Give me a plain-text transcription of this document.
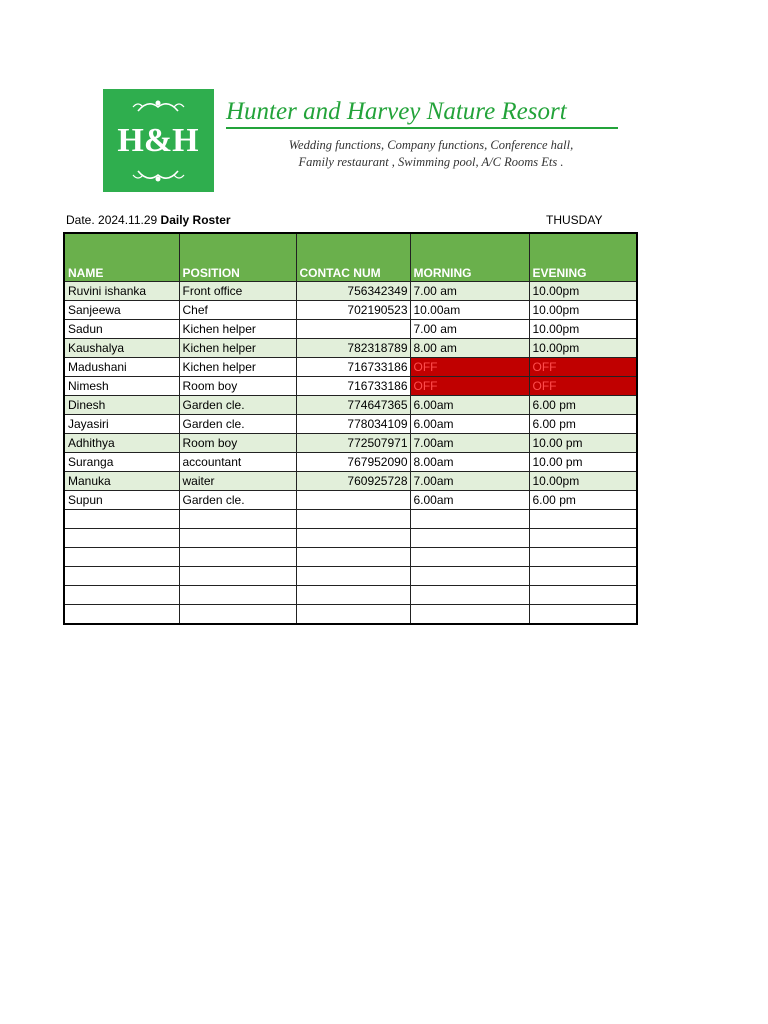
H&H
Hunter and Harvey Nature Resort
Wedding functions, Company functions, Conference hall,
Family restaurant , Swimming pool, A/C Rooms Ets .
Date. 2024.11.29 Daily Roster	THUSDAY
NAME	POSITION	CONTAC NUM	MORNING	EVENING
Ruvini ishanka	Front office	756342349	7.00 am	10.00pm
Sanjeewa	Chef	702190523	10.00am	10.00pm
Sadun	Kichen helper		7.00 am	10.00pm
Kaushalya	Kichen helper	782318789	8.00 am	10.00pm
Madushani	Kichen helper	716733186	OFF	OFF
Nimesh	Room boy	716733186	OFF	OFF
Dinesh	Garden cle.	774647365	6.00am	6.00 pm
Jayasiri	Garden cle.	778034109	6.00am	6.00 pm
Adhithya	Room boy	772507971	7.00am	10.00 pm
Suranga	accountant	767952090	8.00am	10.00 pm
Manuka	waiter	760925728	7.00am	10.00pm
Supun	Garden cle.		6.00am	6.00 pm
